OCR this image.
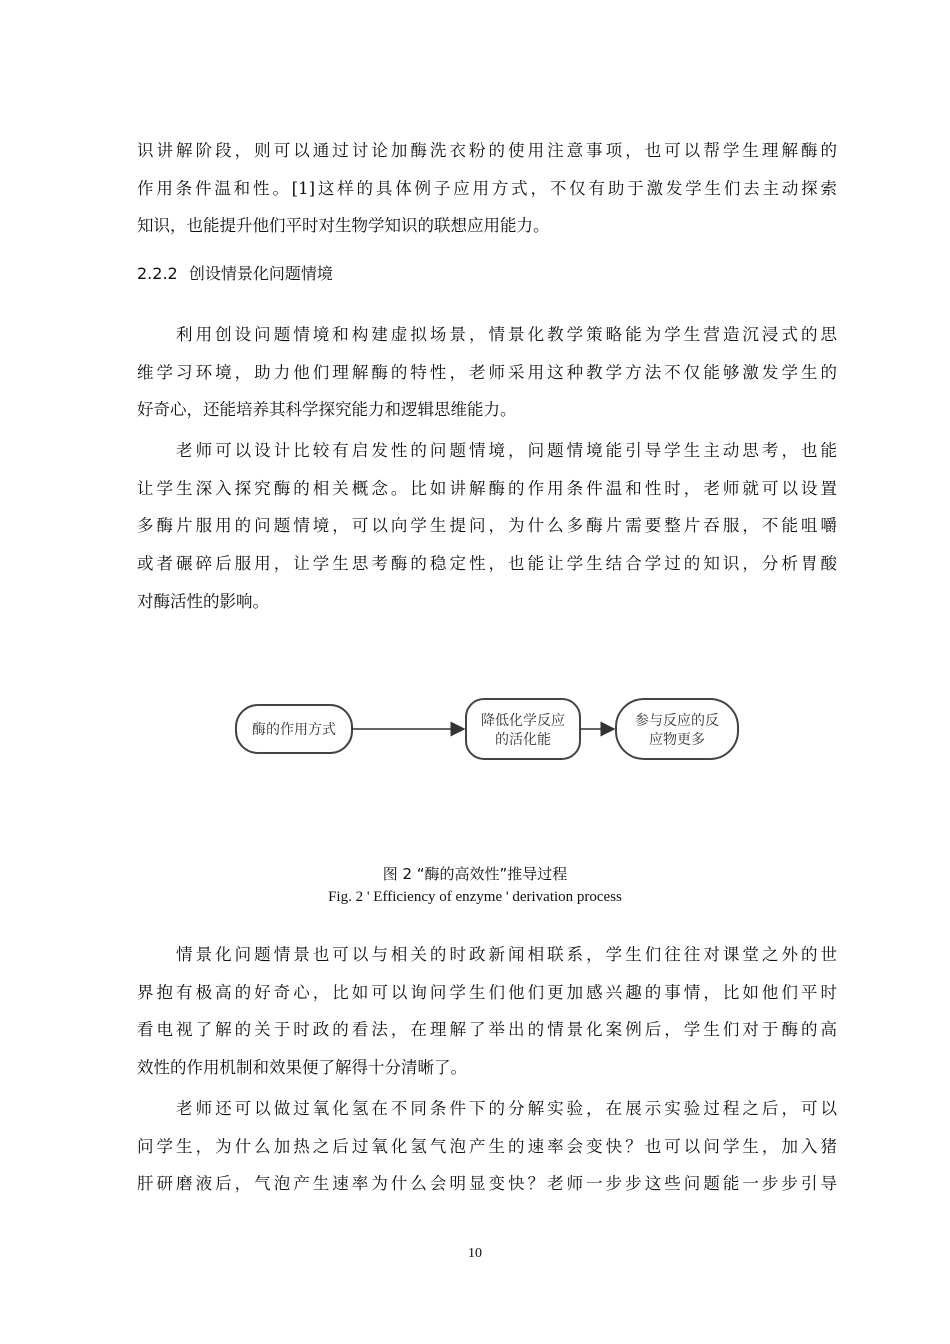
识讲解阶段，则可以通过讨论加酶洗衣粉的使用注意事项，也可以帮学生理解酶的
作用条件温和性。[1]这样的具体例子应用方式，不仅有助于激发学生们去主动探索
知识，也能提升他们平时对生物学知识的联想应用能力。
2.2.2 创设情景化问题情境
　　利用创设问题情境和构建虚拟场景，情景化教学策略能为学生营造沉浸式的思
维学习环境，助力他们理解酶的特性，老师采用这种教学方法不仅能够激发学生的
好奇心，还能培养其科学探究能力和逻辑思维能力。
　　老师可以设计比较有启发性的问题情境，问题情境能引导学生主动思考，也能
让学生深入探究酶的相关概念。比如讲解酶的作用条件温和性时，老师就可以设置
多酶片服用的问题情境，可以向学生提问，为什么多酶片需要整片吞服，不能咀嚼
或者碾碎后服用，让学生思考酶的稳定性，也能让学生结合学过的知识，分析胃酸
对酶活性的影响。
酶的作用方式
降低化学反应
的活化能
参与反应的反
应物更多
图 2 “酶的高效性”推导过程
Fig. 2 ' Efficiency of enzyme ' derivation process
　　情景化问题情景也可以与相关的时政新闻相联系，学生们往往对课堂之外的世
界抱有极高的好奇心，比如可以询问学生们他们更加感兴趣的事情，比如他们平时
看电视了解的关于时政的看法，在理解了举出的情景化案例后，学生们对于酶的高
效性的作用机制和效果便了解得十分清晰了。
　　老师还可以做过氧化氢在不同条件下的分解实验，在展示实验过程之后，可以
问学生，为什么加热之后过氧化氢气泡产生的速率会变快？也可以问学生，加入猪
肝研磨液后，气泡产生速率为什么会明显变快？老师一步步这些问题能一步步引导
10
